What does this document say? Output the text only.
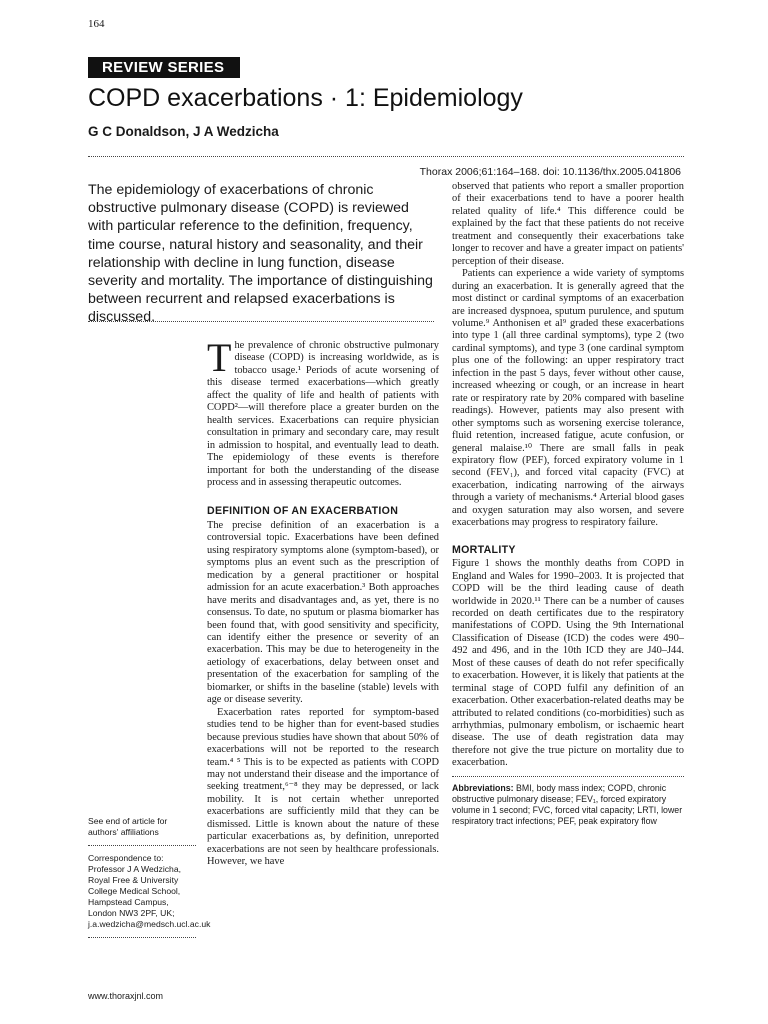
164
REVIEW SERIES
COPD exacerbations · 1: Epidemiology
G C Donaldson, J A Wedzicha
Thorax 2006;61:164–168. doi: 10.1136/thx.2005.041806
The epidemiology of exacerbations of chronic obstructive pulmonary disease (COPD) is reviewed with particular reference to the definition, frequency, time course, natural history and seasonality, and their relationship with decline in lung function, disease severity and mortality. The importance of distinguishing between recurrent and relapsed exacerbations is discussed.

See end of article for authors' affiliations

Correspondence to: Professor J A Wedzicha, Royal Free & University College Medical School, Hampstead Campus, London NW3 2PF, UK; j.a.wedzicha@medsch.ucl.ac.uk

The prevalence of chronic obstructive pulmonary disease (COPD) is increasing worldwide, as is tobacco usage.¹ Periods of acute worsening of this disease termed exacerbations—which greatly affect the quality of life and health of patients with COPD²—will therefore place a greater burden on the health services. Exacerbations can require physician consultation in primary and secondary care, may result in admission to hospital, and eventually lead to death. The epidemiology of these events is therefore important for both the understanding of the disease process and in assessing therapeutic outcomes.

DEFINITION OF AN EXACERBATION

The precise definition of an exacerbation is a controversial topic. Exacerbations have been defined using respiratory symptoms alone (symptom-based), or symptoms plus an event such as the prescription of medication by a general practitioner or hospital admission for an acute exacerbation.³ Both approaches have merits and disadvantages and, as yet, there is no consensus. To date, no sputum or plasma biomarker has been found that, with good sensitivity and specificity, can identify either the presence or severity of an exacerbation. This may be due to heterogeneity in the aetiology of exacerbations, delay between onset and presentation of the exacerbation for sampling of the biomarker, or shifts in the baseline (stable) levels with age or disease severity.

Exacerbation rates reported for symptom-based studies tend to be higher than for event-based studies because previous studies have shown that about 50% of exacerbations will not be reported to the research team.⁴ ⁵ This is to be expected as patients with COPD may not understand their disease and the importance of seeking treatment,⁶⁻⁸ they may be depressed, or lack mobility. It is not certain whether unreported exacerbations are sufficiently mild that they can be dismissed. Little is known about the nature of these particular exacerbations as, by definition, unreported exacerbations are not seen by healthcare professionals. However, we have

observed that patients who report a smaller proportion of their exacerbations tend to have a poorer health related quality of life.⁴ This difference could be explained by the fact that these patients do not receive treatment and consequently their exacerbations take longer to recover and have a greater impact on patients' perception of their disease.

Patients can experience a wide variety of symptoms during an exacerbation. It is generally agreed that the most distinct or cardinal symptoms of an exacerbation are increased dyspnoea, sputum purulence, and sputum volume.⁹ Anthonisen et al⁹ graded these exacerbations into type 1 (all three cardinal symptoms), type 2 (two cardinal symptoms), and type 3 (one cardinal symptom plus one of the following: an upper respiratory tract infection in the past 5 days, fever without other cause, increased wheezing or cough, or an increase in heart rate or respiratory rate by 20% compared with baseline readings). However, patients may also present with other symptoms such as worsening exercise tolerance, fluid retention, increased fatigue, acute confusion, or general malaise.¹⁰ There are small falls in peak expiratory flow (PEF), forced expiratory volume in 1 second (FEV₁), and forced vital capacity (FVC) at exacerbation, indicating narrowing of the airways through a variety of mechanisms.⁴ Arterial blood gases and oxygen saturation may also worsen, and severe exacerbations may progress to respiratory failure.

MORTALITY

Figure 1 shows the monthly deaths from COPD in England and Wales for 1990–2003. It is projected that COPD will be the third leading cause of death worldwide in 2020.¹¹ There can be a number of causes recorded on death certificates due to the respiratory manifestations of COPD. Using the 9th International Classification of Disease (ICD) the codes were 490–492 and 496, and in the 10th ICD they are J40–J44. Most of these causes of death do not refer specifically to exacerbation. However, it is likely that patients at the terminal stage of COPD fulfil any definition of an exacerbation. Other exacerbation-related deaths may be attributed to related conditions (co-morbidities) such as arrhythmias, pulmonary embolism, or ischaemic heart disease. The use of death registration data may therefore not give the true picture on mortality due to exacerbation.

Abbreviations: BMI, body mass index; COPD, chronic obstructive pulmonary disease; FEV₁, forced expiratory volume in 1 second; FVC, forced vital capacity; LRTI, lower respiratory tract infections; PEF, peak expiratory flow
www.thoraxjnl.com
